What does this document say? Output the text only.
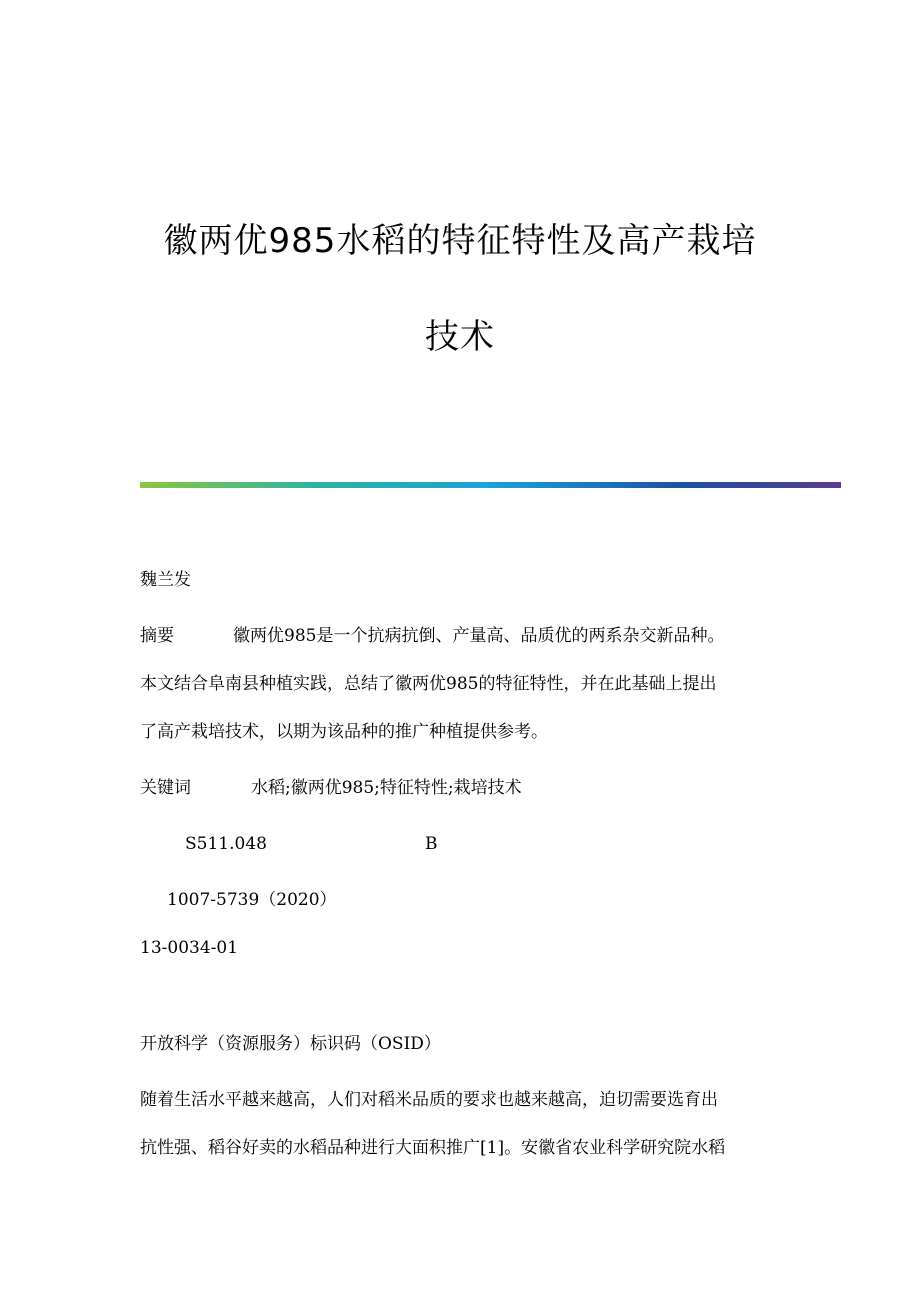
徽两优985水稻的特征特性及高产栽培
技术
魏兰发
摘要	徽两优985是一个抗病抗倒、产量高、品质优的两系杂交新品种。
本文结合阜南县种植实践，总结了徽两优985的特征特性，并在此基础上提出
了高产栽培技术，以期为该品种的推广种植提供参考。
关键词	水稻;徽两优985;特征特性;栽培技术
S511.048	B
1007-5739（2020）
13-0034-01
开放科学（资源服务）标识码（OSID）
随着生活水平越来越高，人们对稻米品质的要求也越来越高，迫切需要选育出
抗性强、稻谷好卖的水稻品种进行大面积推广[1]。安徽省农业科学研究院水稻
